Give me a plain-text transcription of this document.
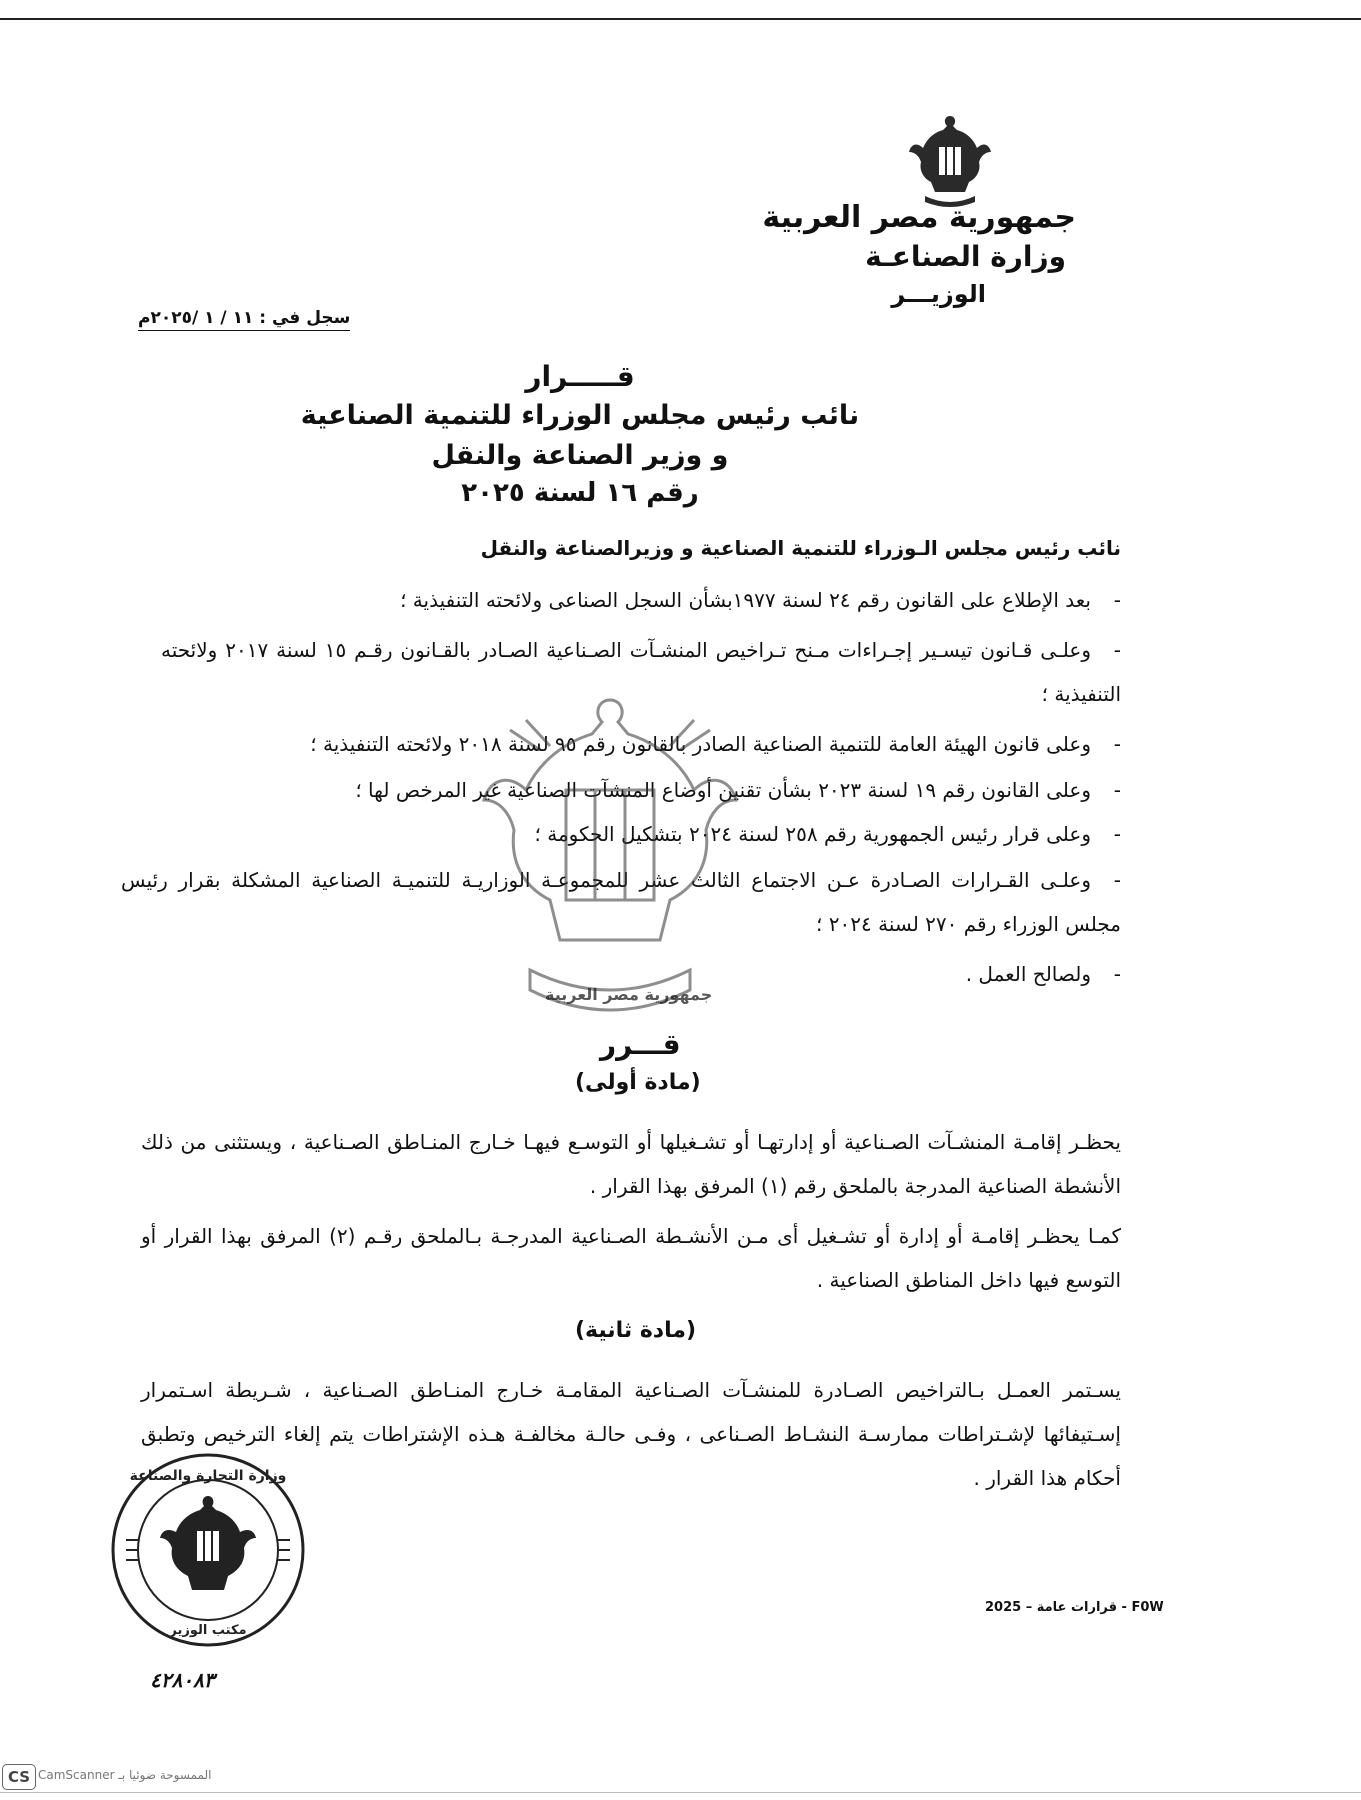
جمهورية مصر العربية
وزارة الصناعـة
الوزيـــر
سجل في : ١١ / ١ /٢٠٢٥م
قـــــرار
نائب رئيس مجلس الوزراء للتنمية الصناعية
و وزير الصناعة والنقل
رقم ١٦ لسنة ٢٠٢٥
نائب رئيس مجلس الـوزراء للتنمية الصناعية و وزيرالصناعة والنقل
-بعد الإطلاع على القانون رقم ٢٤ لسنة ١٩٧٧بشأن السجل الصناعى ولائحته التنفيذية ؛
-وعلـى قـانون تيسـير إجـراءات مـنح تـراخيص المنشـآت الصـناعية الصـادر بالقـانون رقـم ١٥ لسنة ٢٠١٧ ولائحته التنفيذية ؛
-وعلى قانون الهيئة العامة للتنمية الصناعية الصادر بالقانون رقم ٩٥ لسنة ٢٠١٨ ولائحته التنفيذية ؛
-وعلى القانون رقم ١٩ لسنة ٢٠٢٣ بشأن تقنين أوضاع المنشآت الصناعية غير المرخص لها ؛
-وعلى قرار رئيس الجمهورية رقم ٢٥٨ لسنة ٢٠٢٤ بتشكيل الحكومة ؛
-وعلـى القـرارات الصـادرة عـن الاجتماع الثالث عشر للمجموعـة الوزاريـة للتنميـة الصناعية المشكلة بقرار رئيس مجلس الوزراء رقم ٢٧٠ لسنة ٢٠٢٤ ؛
-ولصالح العمل .
جمهورية مصر العربية
قـــرر
(مادة أولى)
يحظـر إقامـة المنشـآت الصـناعية أو إدارتهـا أو تشـغيلها أو التوسـع فيهـا خـارج المنـاطق الصـناعية ، ويستثنى من ذلك الأنشطة الصناعية المدرجة بالملحق رقم (١) المرفق بهذا القرار .
كمـا يحظـر إقامـة أو إدارة أو تشـغيل أى مـن الأنشـطة الصـناعية المدرجـة بـالملحق رقـم (٢) المرفق بهذا القرار أو التوسع فيها داخل المناطق الصناعية .
(مادة ثانية)
يسـتمر العمـل بـالتراخيص الصـادرة للمنشـآت الصـناعية المقامـة خـارج المنـاطق الصـناعية ، شـريطة اسـتمرار إسـتيفائها لإشـتراطات ممارسـة النشـاط الصـناعى ، وفـى حالـة مخالفـة هـذه الإشتراطات يتم إلغاء الترخيص وتطبق أحكام هذا القرار .
وزارة التجارة والصناعة
مكتب الوزير
٤٢٨٠٨٣
قرارات عامة – 2025 - F0W
CS CamScanner الممسوحة ضوئيا بـ
